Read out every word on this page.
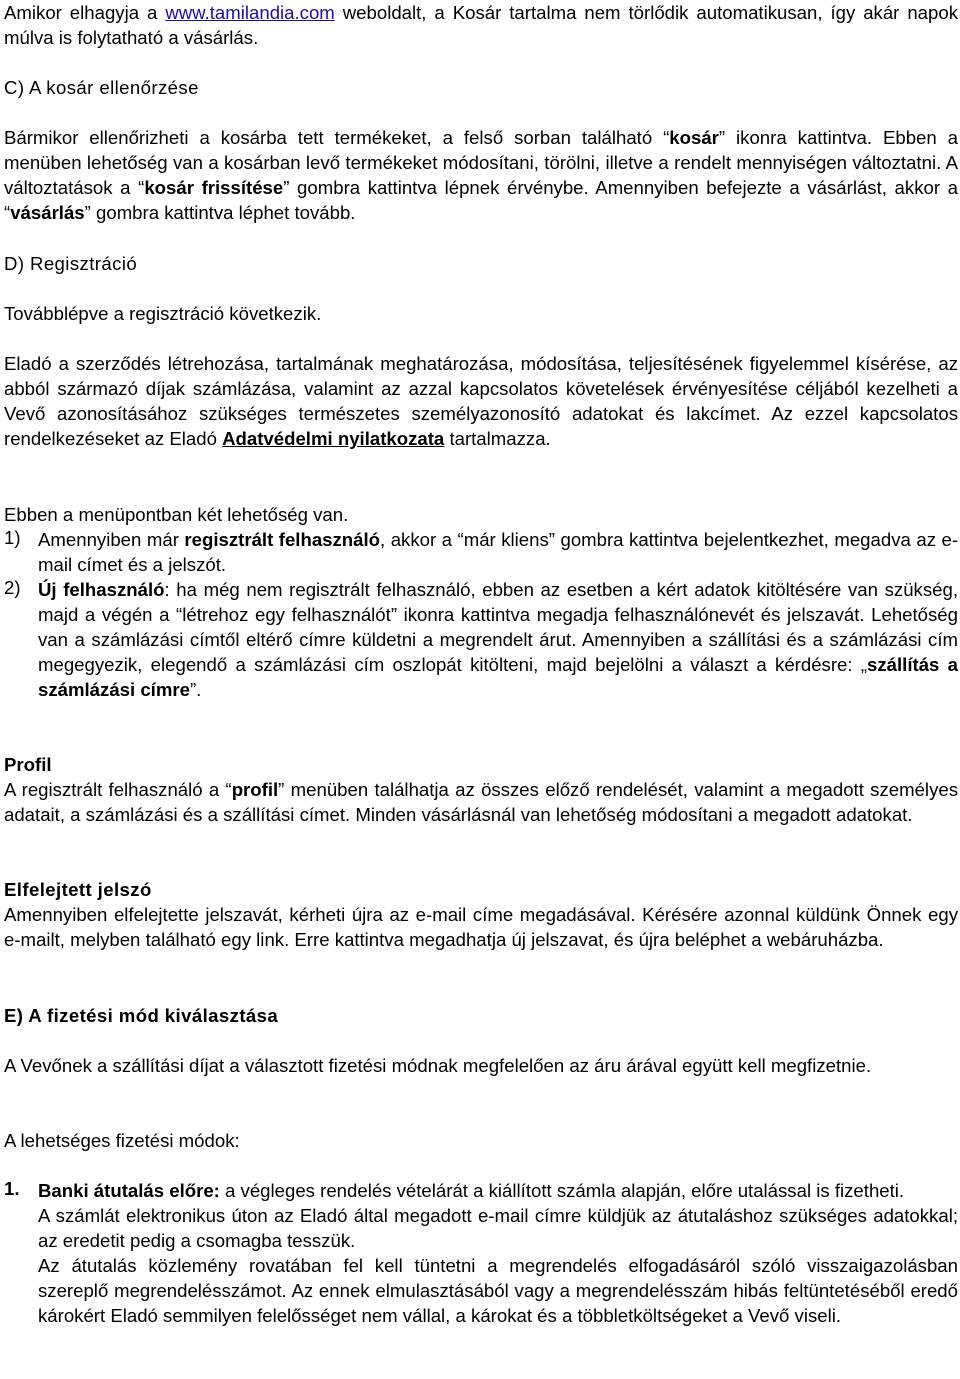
Amikor elhagyja a www.tamilandia.com weboldalt, a Kosár tartalma nem törlődik automatikusan, így akár napok múlva is folytatható a vásárlás.

C) A kosár ellenőrzése

Bármikor ellenőrizheti a kosárba tett termékeket, a felső sorban található “kosár” ikonra kattintva. Ebben a menüben lehetőség van a kosárban levő termékeket módosítani, törölni, illetve a rendelt mennyiségen változtatni. A változtatások a “kosár frissítése” gombra kattintva lépnek érvénybe. Amennyiben befejezte a vásárlást, akkor a “vásárlás” gombra kattintva léphet tovább.

D) Regisztráció

Továbblépve a regisztráció következik.

Eladó a szerződés létrehozása, tartalmának meghatározása, módosítása, teljesítésének figyelemmel kísérése, az abból származó díjak számlázása, valamint az azzal kapcsolatos követelések érvényesítése céljából kezelheti a Vevő azonosításához szükséges természetes személyazonosító adatokat és lakcímet. Az ezzel kapcsolatos rendelkezéseket az Eladó Adatvédelmi nyilatkozata tartalmazza.

Ebben a menüpontban két lehetőség van.

1) Amennyiben már regisztrált felhasználó, akkor a “már kliens” gombra kattintva bejelentkezhet, megadva az e-mail címet és a jelszót.

2) Új felhasználó: ha még nem regisztrált felhasználó, ebben az esetben a kért adatok kitöltésére van szükség, majd a végén a “létrehoz egy felhasználót” ikonra kattintva megadja felhasználónevét és jelszavát. Lehetőség van a számlázási címtől eltérő címre küldetni a megrendelt árut. Amennyiben a szállítási és a számlázási cím megegyezik, elegendő a számlázási cím oszlopát kitölteni, majd bejelölni a választ a kérdésre: „szállítás a számlázási címre”.

Profil

A regisztrált felhasználó a “profil” menüben találhatja az összes előző rendelését, valamint a megadott személyes adatait, a számlázási és a szállítási címet. Minden vásárlásnál van lehetőség módosítani a megadott adatokat.

Elfelejtett jelszó

Amennyiben elfelejtette jelszavát, kérheti újra az e-mail címe megadásával. Kérésére azonnal küldünk Önnek egy e-mailt, melyben található egy link. Erre kattintva megadhatja új jelszavat, és újra beléphet a webáruházba.

E) A fizetési mód kiválasztása

A Vevőnek a szállítási díjat a választott fizetési módnak megfelelően az áru árával együtt kell megfizetnie.

A lehetséges fizetési módok:

1. Banki átutalás előre: a végleges rendelés vételárát a kiállított számla alapján, előre utalással is fizetheti.

A számlát elektronikus úton az Eladó által megadott e-mail címre küldjük az átutaláshoz szükséges adatokkal; az eredetit pedig a csomagba tesszük.

Az átutalás közlemény rovatában fel kell tüntetni a megrendelés elfogadásáról szóló visszaigazolásban szereplő megrendelésszámot. Az ennek elmulasztásából vagy a megrendelésszám hibás feltüntetéséből eredő károkért Eladó semmilyen felelősséget nem vállal, a károkat és a többletköltségeket a Vevő viseli.
